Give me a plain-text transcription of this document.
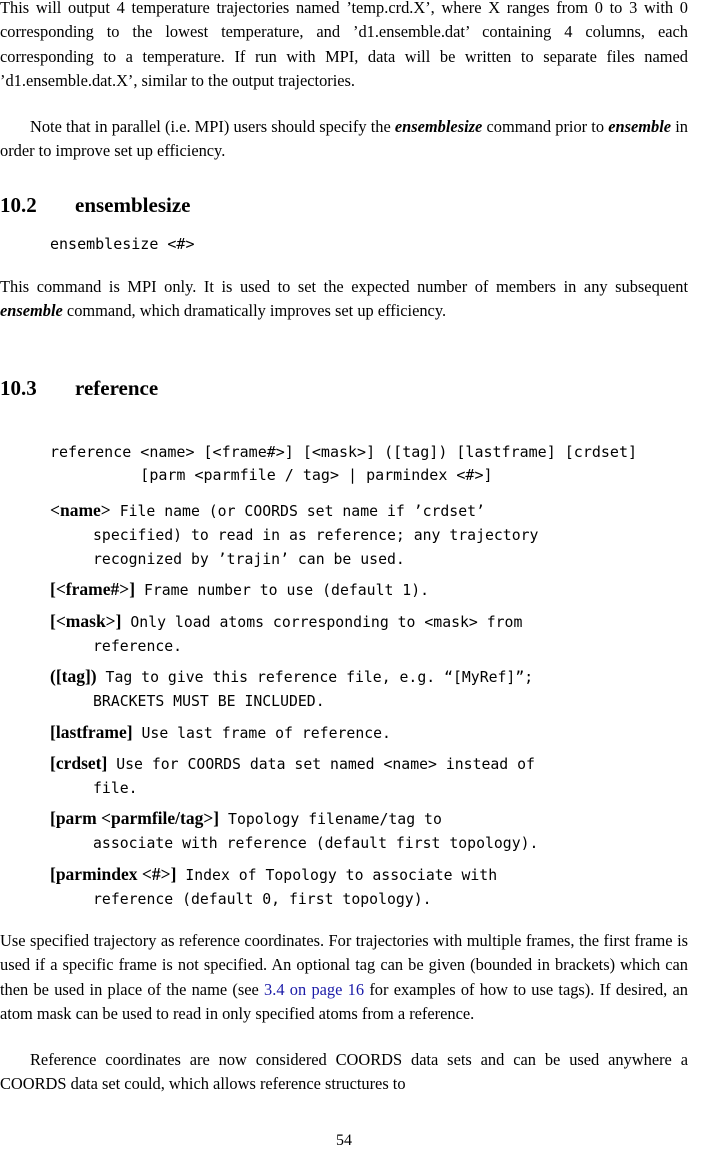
This will output 4 temperature trajectories named ’temp.crd.X’, where X ranges from 0 to 3 with 0 corresponding to the lowest temperature, and ’d1.ensemble.dat’ containing 4 columns, each corresponding to a temperature. If run with MPI, data will be written to separate files named ’d1.ensemble.dat.X’, similar to the output trajectories.

Note that in parallel (i.e. MPI) users should specify the ensemblesize command prior to ensemble in order to improve set up efficiency.

10.2 ensemblesize
ensemblesize <#>

This command is MPI only. It is used to set the expected number of members in any subsequent ensemble command, which dramatically improves set up efficiency.

10.3 reference
reference <name> [<frame#>] [<mask>] ([tag]) [lastframe] [crdset]
[parm <parmfile / tag> | parmindex <#>]
<name> File name (or COORDS set name if ’crdset’
specified) to read in as reference; any trajectory
recognized by ’trajin’ can be used.
[<frame#>] Frame number to use (default 1).
[<mask>] Only load atoms corresponding to <mask> from
reference.
([tag]) Tag to give this reference file, e.g. “[MyRef]”;
BRACKETS MUST BE INCLUDED.
[lastframe] Use last frame of reference.
[crdset] Use for COORDS data set named <name> instead of
file.
[parm <parmfile/tag>] Topology filename/tag to
associate with reference (default first topology).
[parmindex <#>] Index of Topology to associate with
reference (default 0, first topology).

Use specified trajectory as reference coordinates. For trajectories with multiple frames, the first frame is used if a specific frame is not specified. An optional tag can be given (bounded in brackets) which can then be used in place of the name (see 3.4 on page 16 for examples of how to use tags). If desired, an atom mask can be used to read in only specified atoms from a reference.

Reference coordinates are now considered COORDS data sets and can be used anywhere a COORDS data set could, which allows reference structures to

54
